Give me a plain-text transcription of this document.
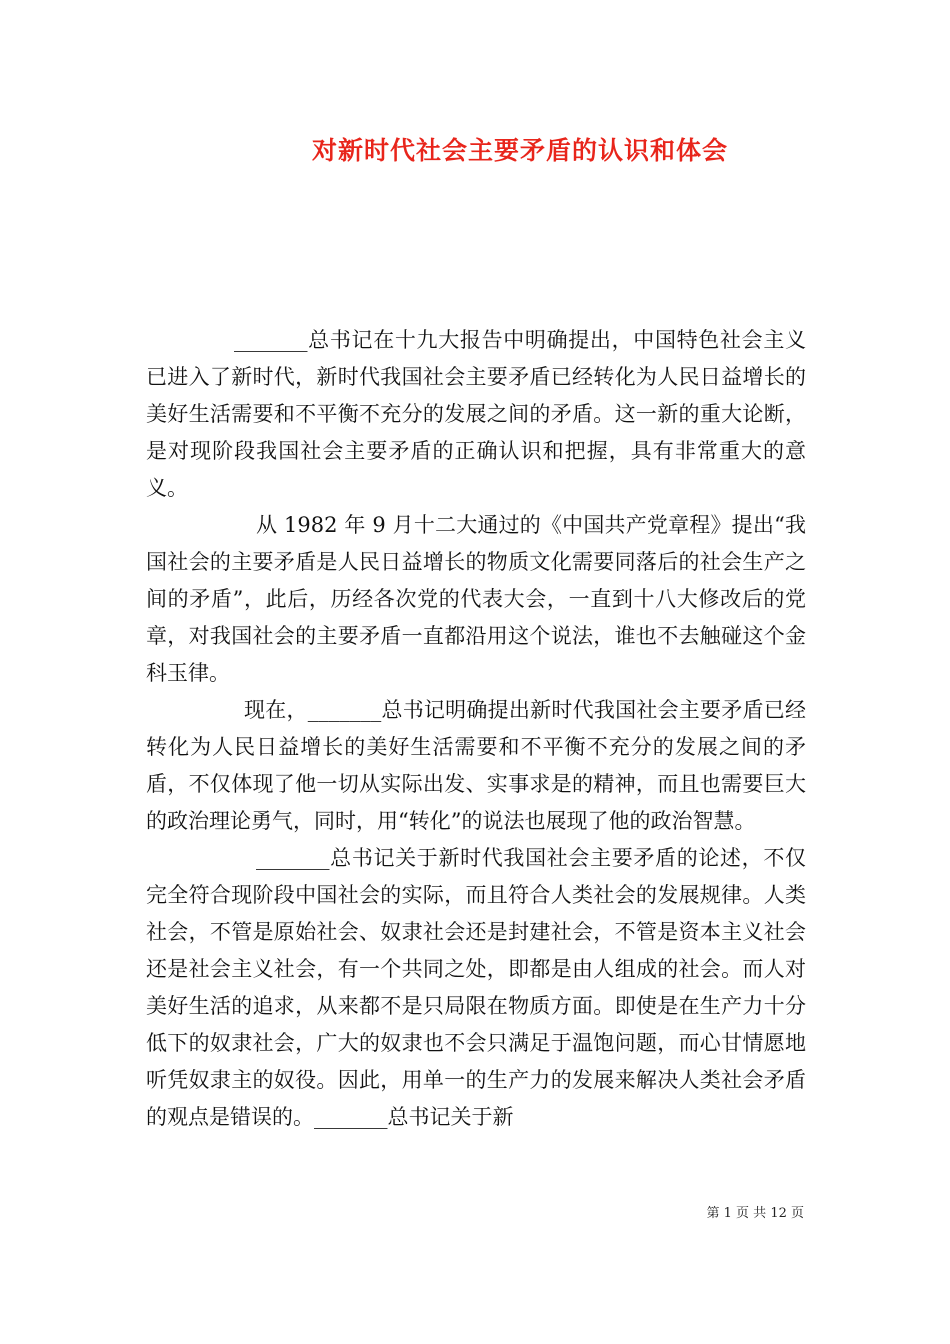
对新时代社会主要矛盾的认识和体会

_______总书记在十九大报告中明确提出，中国特色社会主义已进入了新时代，新时代我国社会主要矛盾已经转化为人民日益增长的美好生活需要和不平衡不充分的发展之间的矛盾。这一新的重大论断，是对现阶段我国社会主要矛盾的正确认识和把握，具有非常重大的意义。

从 1982 年 9 月十二大通过的《中国共产党章程》提出“我国社会的主要矛盾是人民日益增长的物质文化需要同落后的社会生产之间的矛盾”，此后，历经各次党的代表大会，一直到十八大修改后的党章，对我国社会的主要矛盾一直都沿用这个说法，谁也不去触碰这个金科玉律。

现在，_______总书记明确提出新时代我国社会主要矛盾已经转化为人民日益增长的美好生活需要和不平衡不充分的发展之间的矛盾，不仅体现了他一切从实际出发、实事求是的精神，而且也需要巨大的政治理论勇气，同时，用“转化”的说法也展现了他的政治智慧。

_______总书记关于新时代我国社会主要矛盾的论述，不仅完全符合现阶段中国社会的实际，而且符合人类社会的发展规律。人类社会，不管是原始社会、奴隶社会还是封建社会，不管是资本主义社会还是社会主义社会，有一个共同之处，即都是由人组成的社会。而人对美好生活的追求，从来都不是只局限在物质方面。即使是在生产力十分低下的奴隶社会，广大的奴隶也不会只满足于温饱问题，而心甘情愿地听凭奴隶主的奴役。因此，用单一的生产力的发展来解决人类社会矛盾的观点是错误的。_______总书记关于新

第 1 页 共 12 页
